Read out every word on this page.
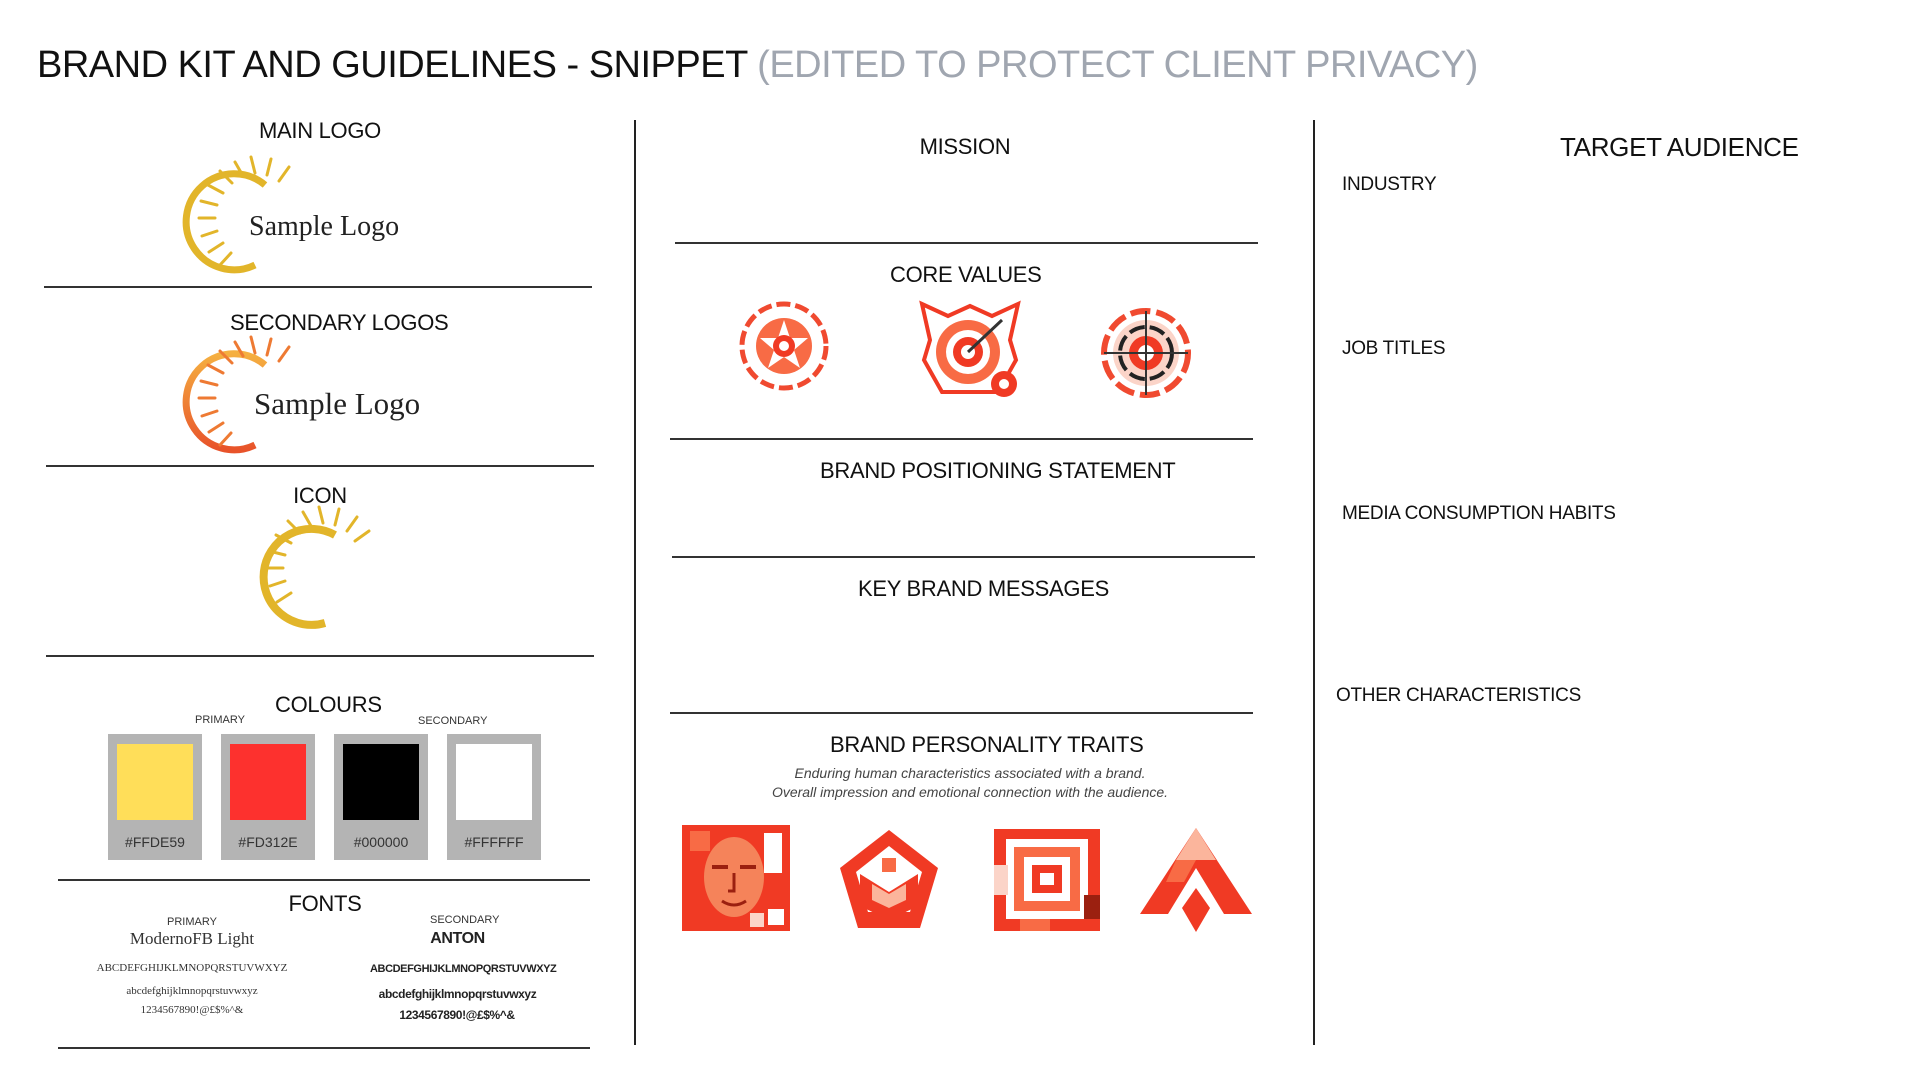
BRAND KIT AND GUIDELINES - SNIPPET (EDITED TO PROTECT CLIENT PRIVACY)
MAIN LOGO
Sample Logo
SECONDARY LOGOS
Sample Logo
ICON
COLOURS
PRIMARY	SECONDARY
#FFDE59	#FD312E	#000000	#FFFFFF
FONTS
PRIMARY
ModernoFB Light
ABCDEFGHIJKLMNOPQRSTUVWXYZ
abcdefghijklmnopqrstuvwxyz
1234567890!@£$%^&
SECONDARY
ANTON
ABCDEFGHIJKLMNOPQRSTUVWXYZ
abcdefghijklmnopqrstuvwxyz
1234567890!@£$%^&
MISSION
CORE VALUES
BRAND POSITIONING STATEMENT
KEY BRAND MESSAGES
BRAND PERSONALITY TRAITS
Enduring human characteristics associated with a brand.
Overall impression and emotional connection with the audience.
TARGET AUDIENCE
INDUSTRY
JOB TITLES
MEDIA CONSUMPTION HABITS
OTHER CHARACTERISTICS
